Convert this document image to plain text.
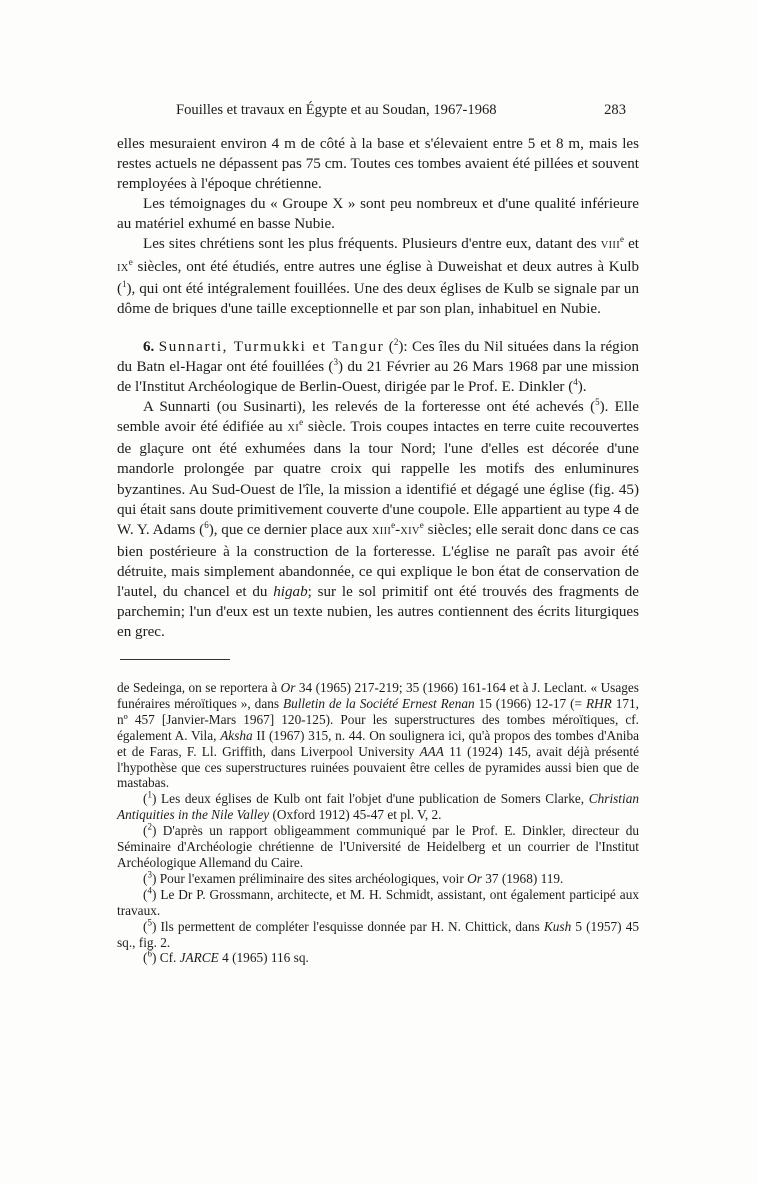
Fouilles et travaux en Égypte et au Soudan, 1967-1968	283

elles mesuraient environ 4 m de côté à la base et s'élevaient entre 5 et 8 m, mais les restes actuels ne dépassent pas 75 cm. Toutes ces tombes avaient été pillées et souvent remployées à l'époque chrétienne.

Les témoignages du « Groupe X » sont peu nombreux et d'une qualité inférieure au matériel exhumé en basse Nubie.

Les sites chrétiens sont les plus fréquents. Plusieurs d'entre eux, datant des VIIIe et IXe siècles, ont été étudiés, entre autres une église à Duweishat et deux autres à Kulb ($^1$), qui ont été intégralement fouillées. Une des deux églises de Kulb se signale par un dôme de briques d'une taille exceptionnelle et par son plan, inhabituel en Nubie.

6. Sunnarti, Turmukki et Tangur ($^2$): Ces îles du Nil situées dans la région du Batn el-Hagar ont été fouillées ($^3$) du 21 Février au 26 Mars 1968 par une mission de l'Institut Archéologique de Berlin-Ouest, dirigée par le Prof. E. Dinkler ($^4$).

A Sunnarti (ou Susinarti), les relevés de la forteresse ont été achevés ($^5$). Elle semble avoir été édifiée au XIe siècle. Trois coupes intactes en terre cuite recouvertes de glaçure ont été exhumées dans la tour Nord; l'une d'elles est décorée d'une mandorle prolongée par quatre croix qui rappelle les motifs des enluminures byzantines. Au Sud-Ouest de l'île, la mission a identifié et dégagé une église (fig. 45) qui était sans doute primitivement couverte d'une coupole. Elle appartient au type 4 de W. Y. Adams ($^6$), que ce dernier place aux XIIIe-XIVe siècles; elle serait donc dans ce cas bien postérieure à la construction de la forteresse. L'église ne paraît pas avoir été détruite, mais simplement abandonnée, ce qui explique le bon état de conservation de l'autel, du chancel et du higab; sur le sol primitif ont été trouvés des fragments de parchemin; l'un d'eux est un texte nubien, les autres contiennent des écrits liturgiques en grec.

de Sedeinga, on se reportera à Or 34 (1965) 217-219; 35 (1966) 161-164 et à J. Leclant. « Usages funéraires méroïtiques », dans Bulletin de la Société Ernest Renan 15 (1966) 12-17 (= RHR 171, nº 457 [Janvier-Mars 1967] 120-125). Pour les superstructures des tombes méroïtiques, cf. également A. Vila, Aksha II (1967) 315, n. 44. On soulignera ici, qu'à propos des tombes d'Aniba et de Faras, F. Ll. Griffith, dans Liverpool University AAA 11 (1924) 145, avait déjà présenté l'hypothèse que ces superstructures ruinées pouvaient être celles de pyramides aussi bien que de mastabas.

($^1$) Les deux églises de Kulb ont fait l'objet d'une publication de Somers Clarke, Christian Antiquities in the Nile Valley (Oxford 1912) 45-47 et pl. V, 2.

($^2$) D'après un rapport obligeamment communiqué par le Prof. E. Dinkler, directeur du Séminaire d'Archéologie chrétienne de l'Université de Heidelberg et un courrier de l'Institut Archéologique Allemand du Caire.

($^3$) Pour l'examen préliminaire des sites archéologiques, voir Or 37 (1968) 119.

($^4$) Le Dr P. Grossmann, architecte, et M. H. Schmidt, assistant, ont également participé aux travaux.

($^5$) Ils permettent de compléter l'esquisse donnée par H. N. Chittick, dans Kush 5 (1957) 45 sq., fig. 2.

($^6$) Cf. JARCE 4 (1965) 116 sq.
